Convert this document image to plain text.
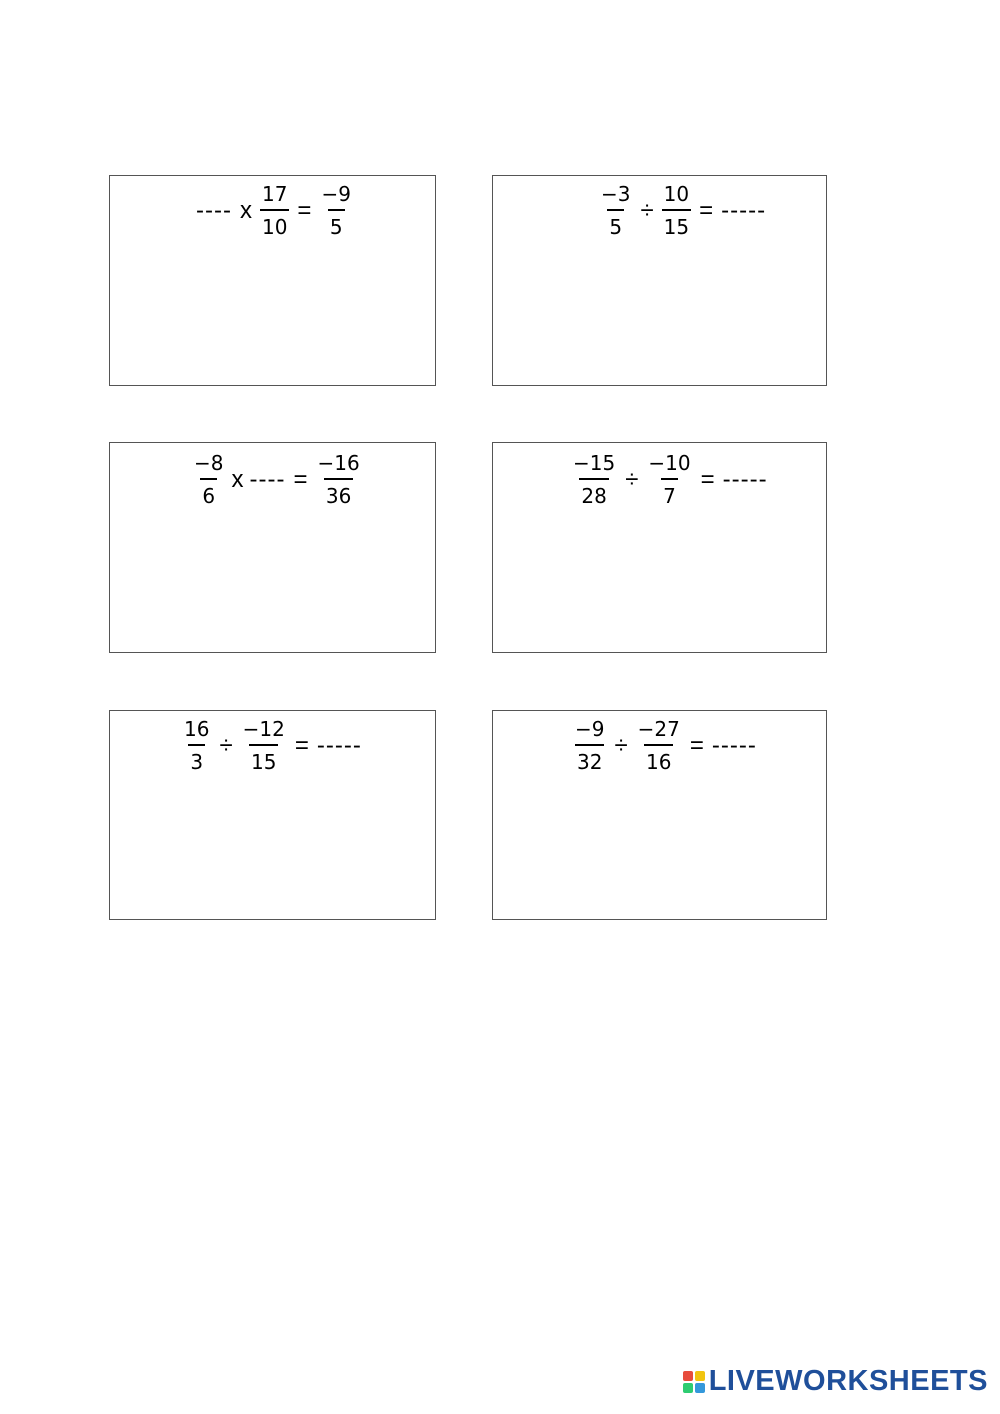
---- x $\frac{17}{10} = \frac{-9}{5}$	$\frac{-3}{5} \div \frac{10}{15}$ = -----
$\frac{-8}{6}$ x ---- = $\frac{-16}{36}$	$\frac{-15}{28} \div \frac{-10}{7}$ = -----
$\frac{16}{3} \div \frac{-12}{15}$ = -----	$\frac{-9}{32} \div \frac{-27}{16}$ = -----
LIVEWORKSHEETS
